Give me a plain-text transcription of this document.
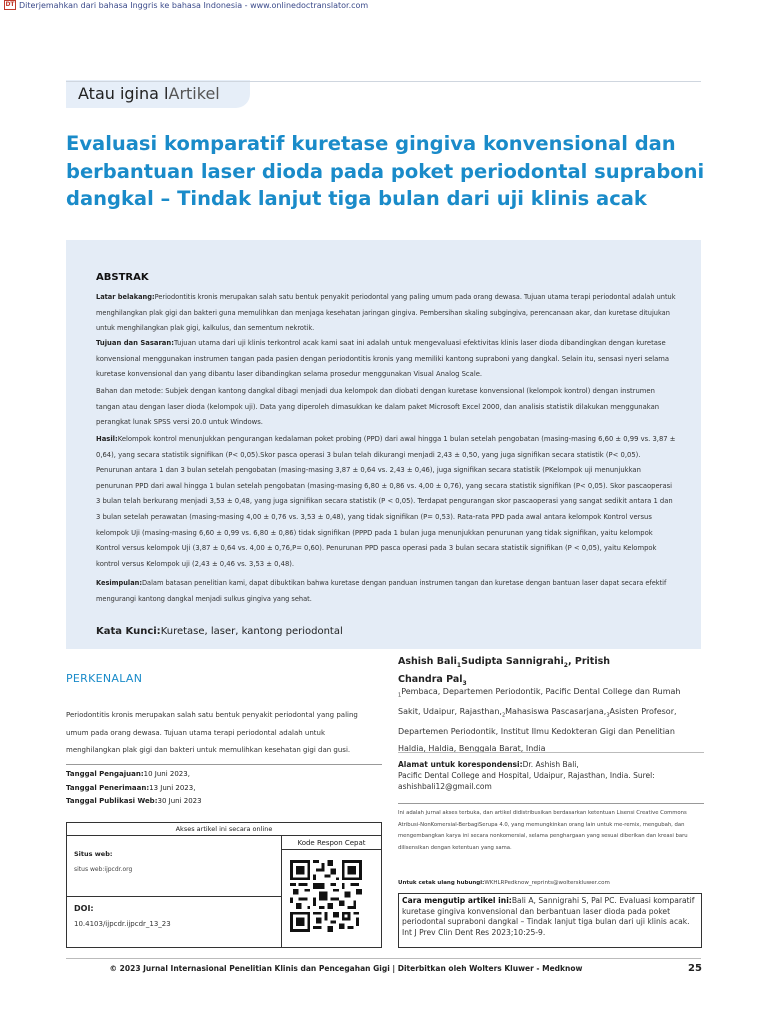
DT Diterjemahkan dari bahasa Inggris ke bahasa Indonesia - www.onlinedoctranslator.com
Atau igina lArtikel
Evaluasi komparatif kuretase gingiva konvensional dan berbantuan laser dioda pada poket periodontal supraboni dangkal – Tindak lanjut tiga bulan dari uji klinis acak
ABSTRAK
Latar belakang:Periodontitis kronis merupakan salah satu bentuk penyakit periodontal yang paling umum pada orang dewasa. Tujuan utama terapi periodontal adalah untuk menghilangkan plak gigi dan bakteri guna memulihkan dan menjaga kesehatan jaringan gingiva. Pembersihan skaling subgingiva, perencanaan akar, dan kuretase ditujukan untuk menghilangkan plak gigi, kalkulus, dan sementum nekrotik.
Tujuan dan Sasaran:Tujuan utama dari uji klinis terkontrol acak kami saat ini adalah untuk mengevaluasi efektivitas klinis laser dioda dibandingkan dengan kuretase konvensional menggunakan instrumen tangan pada pasien dengan periodontitis kronis yang memiliki kantong supraboni yang dangkal. Selain itu, sensasi nyeri selama kuretase konvensional dan yang dibantu laser dibandingkan selama prosedur menggunakan Visual Analog Scale.
Bahan dan metode: Subjek dengan kantong dangkal dibagi menjadi dua kelompok dan diobati dengan kuretase konvensional (kelompok kontrol) dengan instrumen tangan atau dengan laser dioda (kelompok uji). Data yang diperoleh dimasukkan ke dalam paket Microsoft Excel 2000, dan analisis statistik dilakukan menggunakan perangkat lunak SPSS versi 20.0 untuk Windows.
Hasil:Kelompok kontrol menunjukkan pengurangan kedalaman poket probing (PPD) dari awal hingga 1 bulan setelah pengobatan (masing-masing 6,60 ± 0,99 vs. 3,87 ± 0,64), yang secara statistik signifikan (P< 0,05).Skor pasca operasi 3 bulan telah dikurangi menjadi 2,43 ± 0,50, yang juga signifikan secara statistik (P< 0,05). Penurunan antara 1 dan 3 bulan setelah pengobatan (masing-masing 3,87 ± 0,64 vs. 2,43 ± 0,46), juga signifikan secara statistik (PKelompok uji menunjukkan penurunan PPD dari awal hingga 1 bulan setelah pengobatan (masing-masing 6,80 ± 0,86 vs. 4,00 ± 0,76), yang secara statistik signifikan (P< 0,05). Skor pascaoperasi 3 bulan telah berkurang menjadi 3,53 ± 0,48, yang juga signifikan secara statistik (P < 0,05). Terdapat pengurangan skor pascaoperasi yang sangat sedikit antara 1 dan 3 bulan setelah perawatan (masing-masing 4,00 ± 0,76 vs. 3,53 ± 0,48), yang tidak signifikan (P= 0,53). Rata-rata PPD pada awal antara kelompok Kontrol versus kelompok Uji (masing-masing 6,60 ± 0,99 vs. 6,80 ± 0,86) tidak signifikan (PPPD pada 1 bulan juga menunjukkan penurunan yang tidak signifikan, yaitu kelompok Kontrol versus kelompok Uji (3,87 ± 0,64 vs. 4,00 ± 0,76,P= 0,60). Penurunan PPD pasca operasi pada 3 bulan secara statistik signifikan (P < 0,05), yaitu Kelompok kontrol versus Kelompok uji (2,43 ± 0,46 vs. 3,53 ± 0,48).
Kesimpulan:Dalam batasan penelitian kami, dapat dibuktikan bahwa kuretase dengan panduan instrumen tangan dan kuretase dengan bantuan laser dapat secara efektif mengurangi kantong dangkal menjadi sulkus gingiva yang sehat.
Kata Kunci:Kuretase, laser, kantong periodontal
PERKENALAN
Periodontitis kronis merupakan salah satu bentuk penyakit periodontal yang paling umum pada orang dewasa. Tujuan utama terapi periodontal adalah untuk menghilangkan plak gigi dan bakteri untuk memulihkan kesehatan gigi dan gusi.
Tanggal Pengajuan:10 Juni 2023,
Tanggal Penerimaan:13 Juni 2023,
Tanggal Publikasi Web:30 Juni 2023
Akses artikel ini secara online
Situs web:
situs web:ijpcdr.org
DOI:
10.4103/ijpcdr.ijpcdr_13_23
Kode Respon Cepat
Ashish Bali$_1$Sudipta Sannigrahi$_2$, Pritish
Chandra Pal$_3$
$_1$Pembaca, Departemen Periodontik, Pacific Dental College dan Rumah Sakit, Udaipur, $Rajasthan,_2Mahasiswa$ $Pascasarjana,_3Asisten$ Profesor, Departemen Periodontik, Institut Ilmu Kedokteran Gigi dan Penelitian Haldia, Haldia, Benggala Barat, India
Alamat untuk korespondensi:Dr. Ashish Bali,
Pacific Dental College and Hospital, Udaipur, Rajasthan, India. Surel: ashishbali12@gmail.com
Ini adalah jurnal akses terbuka, dan artikel didistribusikan berdasarkan ketentuan Lisensi Creative Commons Atribusi-NonKomersial-BerbagiSerupa 4.0, yang memungkinkan orang lain untuk me-remix, mengubah, dan mengembangkan karya ini secara nonkomersial, selama penghargaan yang sesuai diberikan dan kreasi baru dilisensikan dengan ketentuan yang sama.
Untuk cetak ulang hubungi:WKHLRPedknow_reprints@wolterskluwer.com
Cara mengutip artikel ini:Bali A, Sannigrahi S, Pal PC. Evaluasi komparatif kuretase gingiva konvensional dan berbantuan laser dioda pada poket periodontal supraboni dangkal – Tindak lanjut tiga bulan dari uji klinis acak. Int J Prev Clin Dent Res 2023;10:25-9.
© 2023 Jurnal Internasional Penelitian Klinis dan Pencegahan Gigi | Diterbitkan oleh Wolters Kluwer - Medknow	25
